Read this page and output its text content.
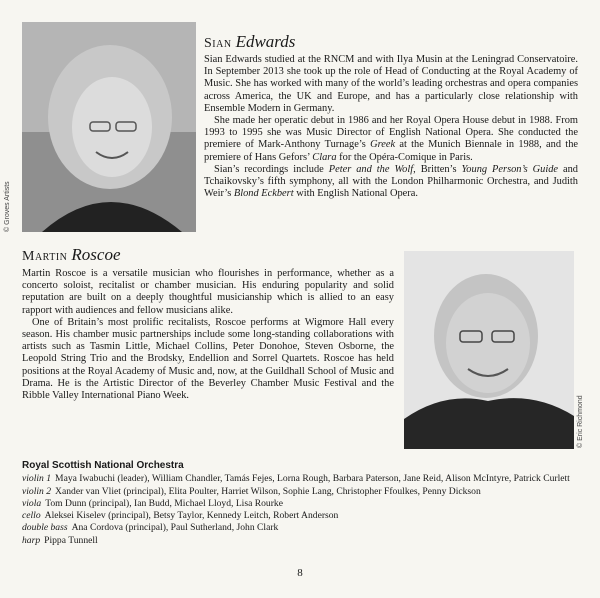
© Groves Artists
Sian Edwards

Sian Edwards studied at the RNCM and with Ilya Musin at the Leningrad Conservatoire. In September 2013 she took up the role of Head of Conducting at the Royal Academy of Music. She has worked with many of the world’s leading orchestras and opera companies across America, the UK and Europe, and has a particularly close relationship with Ensemble Modern in Germany.

She made her operatic debut in 1986 and her Royal Opera House debut in 1988. From 1993 to 1995 she was Music Director of English National Opera. She conducted the premiere of Mark-Anthony Turnage’s Greek at the Munich Biennale in 1988, and the premiere of Hans Gefors’ Clara for the Opéra-Comique in Paris.

Sian’s recordings include Peter and the Wolf, Britten’s Young Person’s Guide and Tchaikovsky’s fifth symphony, all with the London Philharmonic Orchestra, and Judith Weir’s Blond Eckbert with English National Opera.

Martin Roscoe

Martin Roscoe is a versatile musician who flourishes in performance, whether as a concerto soloist, recitalist or chamber musician. His enduring popularity and solid reputation are built on a deeply thoughtful musicianship which is allied to an easy rapport with audiences and fellow musicians alike.

One of Britain’s most prolific recitalists, Roscoe performs at Wigmore Hall every season. His chamber music partnerships include some long-standing collaborations with artists such as Tasmin Little, Michael Collins, Peter Donohoe, Steven Osborne, the Leopold String Trio and the Brodsky, Endellion and Sorrel Quartets. Roscoe has held positions at the Royal Academy of Music and, now, at the Guildhall School of Music and Drama. He is the Artistic Director of the Beverley Chamber Music Festival and the Ribble Valley International Piano Week.	© Eric Richmond
Royal Scottish National Orchestra
violin 1 Maya Iwabuchi (leader), William Chandler, Tamás Fejes, Lorna Rough, Barbara Paterson, Jane Reid, Alison McIntyre, Patrick Curlett
violin 2 Xander van Vliet (principal), Elita Poulter, Harriet Wilson, Sophie Lang, Christopher Ffoulkes, Penny Dickson
viola Tom Dunn (principal), Ian Budd, Michael Lloyd, Lisa Rourke
cello Aleksei Kiselev (principal), Betsy Taylor, Kennedy Leitch, Robert Anderson
double bass Ana Cordova (principal), Paul Sutherland, John Clark
harp Pippa Tunnell
8
